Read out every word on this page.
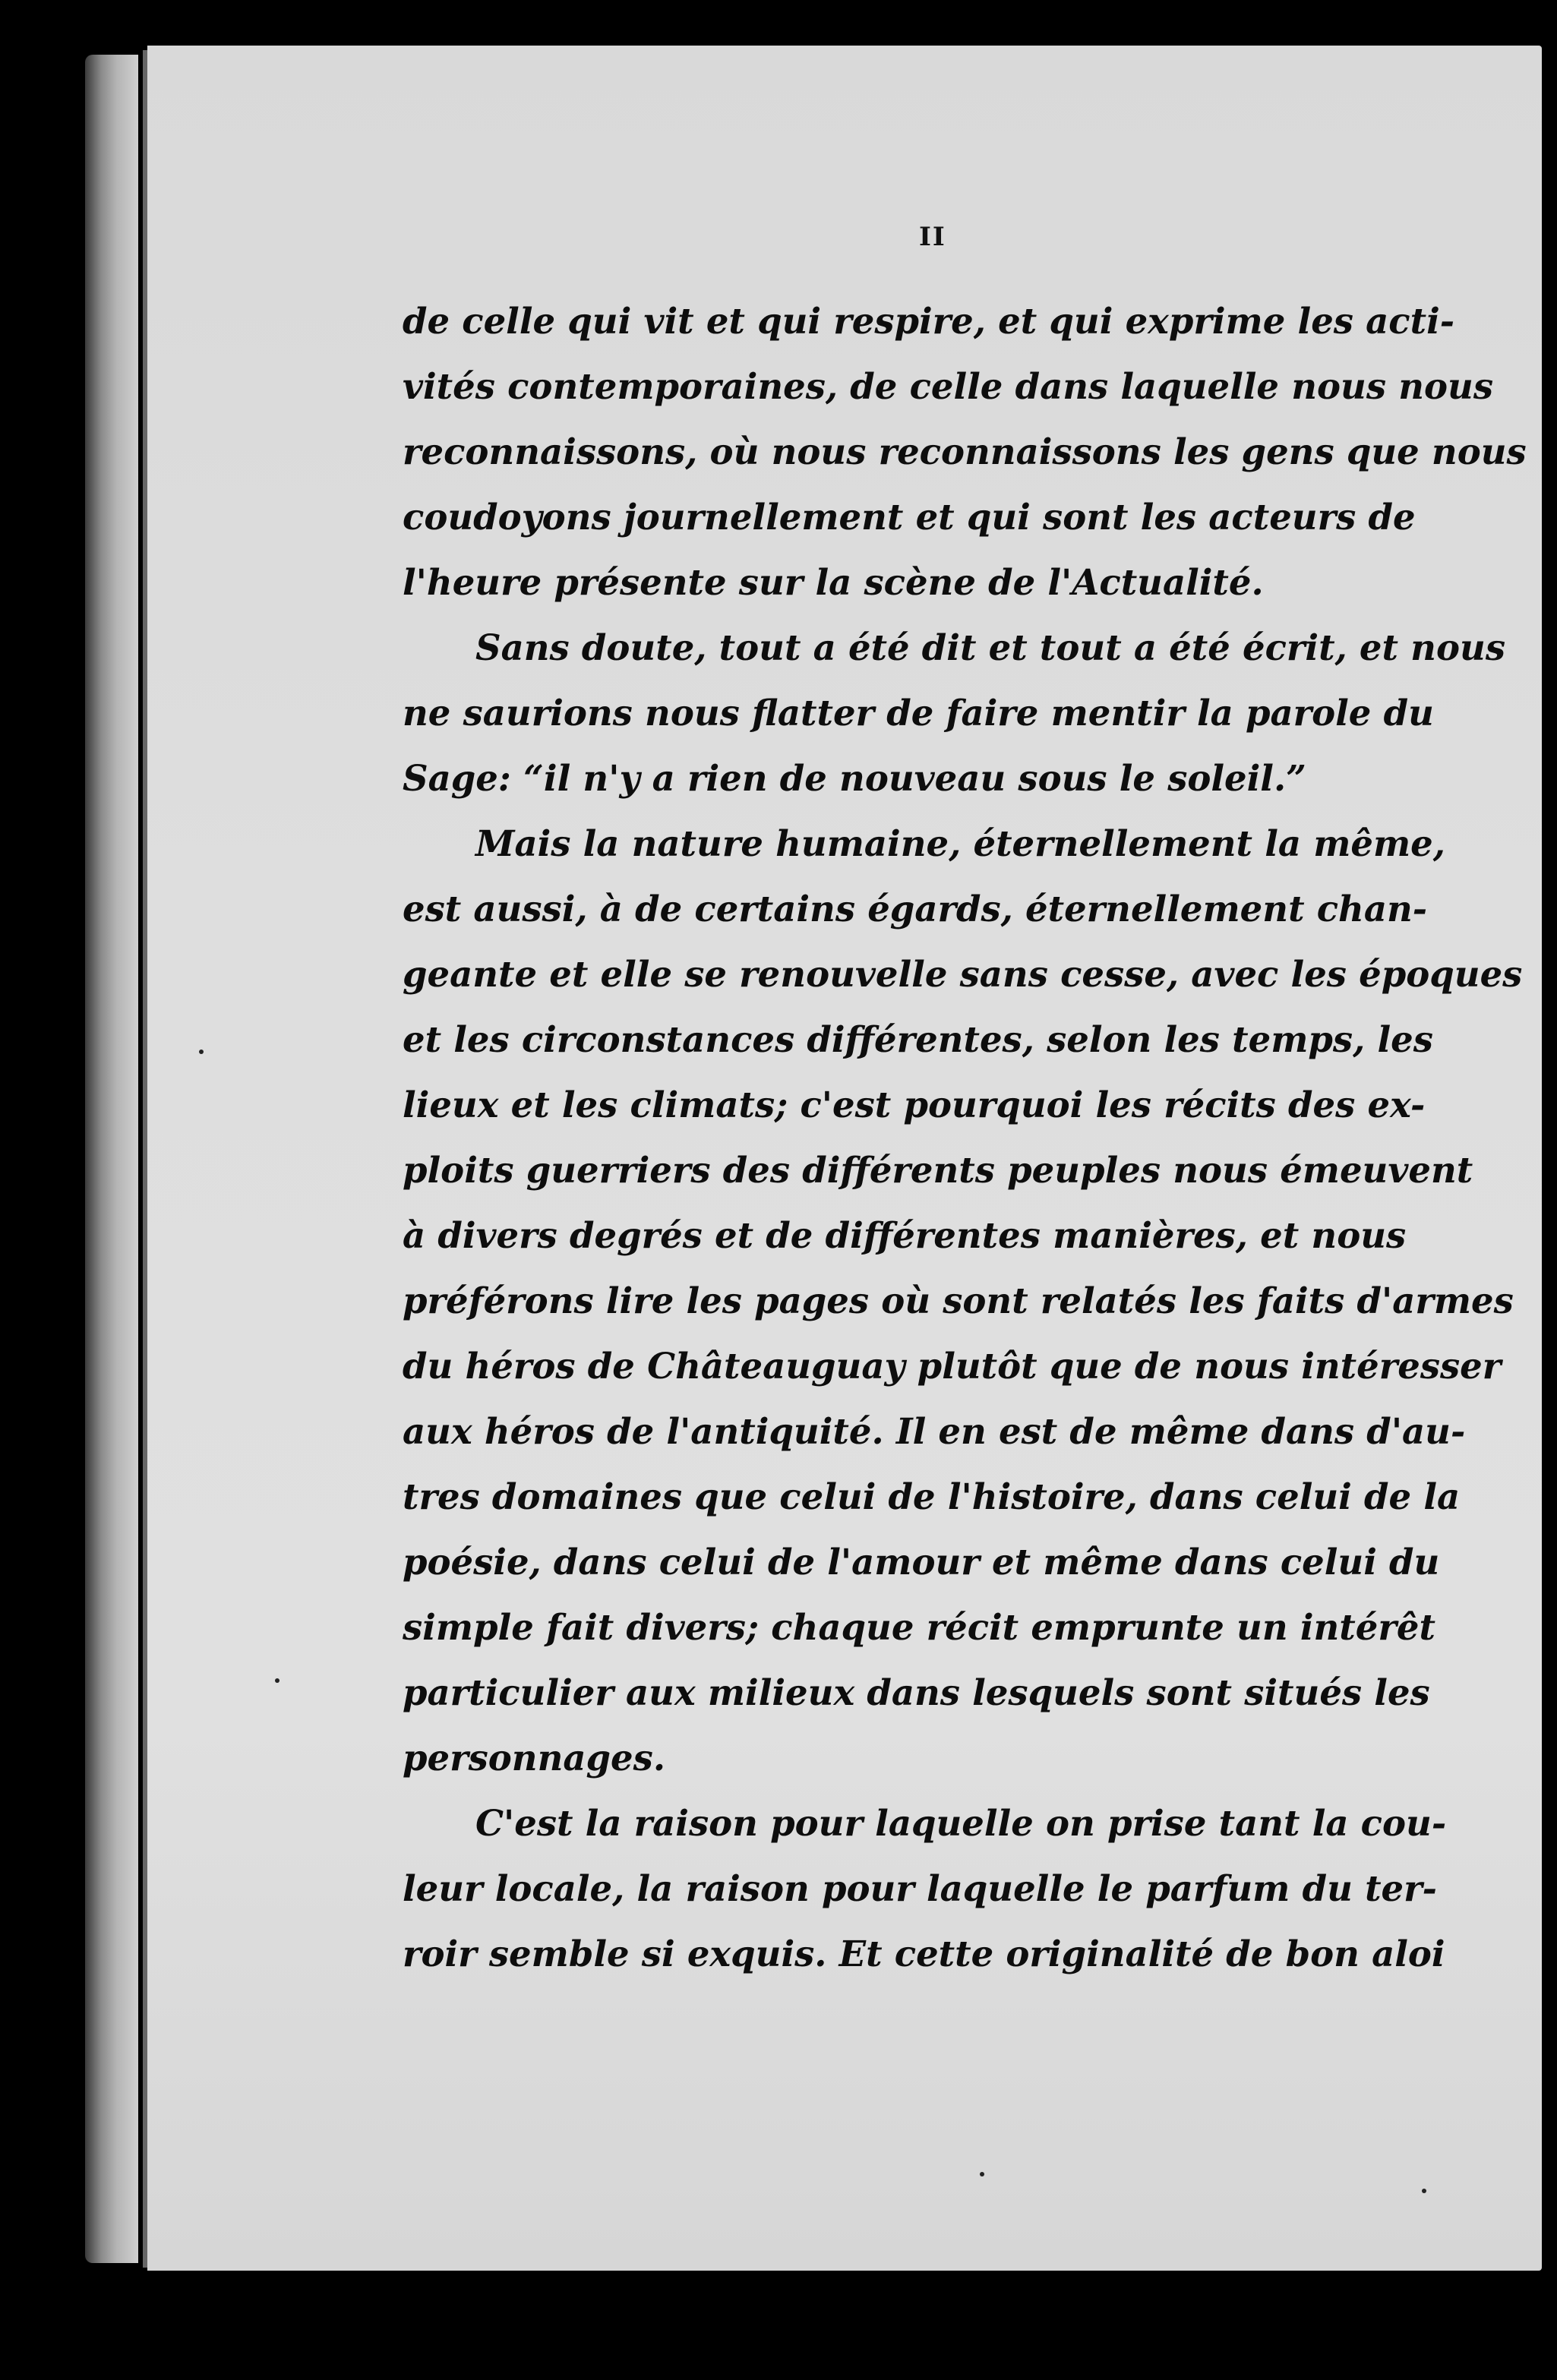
II
de celle qui vit et qui respire, et qui exprime les acti-
vités contemporaines, de celle dans laquelle nous nous
reconnaissons, où nous reconnaissons les gens que nous
coudoyons journellement et qui sont les acteurs de
l'heure présente sur la scène de l'Actualité.
Sans doute, tout a été dit et tout a été écrit, et nous
ne saurions nous flatter de faire mentir la parole du
Sage: “il n'y a rien de nouveau sous le soleil.”
Mais la nature humaine, éternellement la même,
est aussi, à de certains égards, éternellement chan-
geante et elle se renouvelle sans cesse, avec les époques
et les circonstances différentes, selon les temps, les
lieux et les climats; c'est pourquoi les récits des ex-
ploits guerriers des différents peuples nous émeuvent
à divers degrés et de différentes manières, et nous
préférons lire les pages où sont relatés les faits d'armes
du héros de Châteauguay plutôt que de nous intéresser
aux héros de l'antiquité. Il en est de même dans d'au-
tres domaines que celui de l'histoire, dans celui de la
poésie, dans celui de l'amour et même dans celui du
simple fait divers; chaque récit emprunte un intérêt
particulier aux milieux dans lesquels sont situés les
personnages.
C'est la raison pour laquelle on prise tant la cou-
leur locale, la raison pour laquelle le parfum du ter-
roir semble si exquis. Et cette originalité de bon aloi
